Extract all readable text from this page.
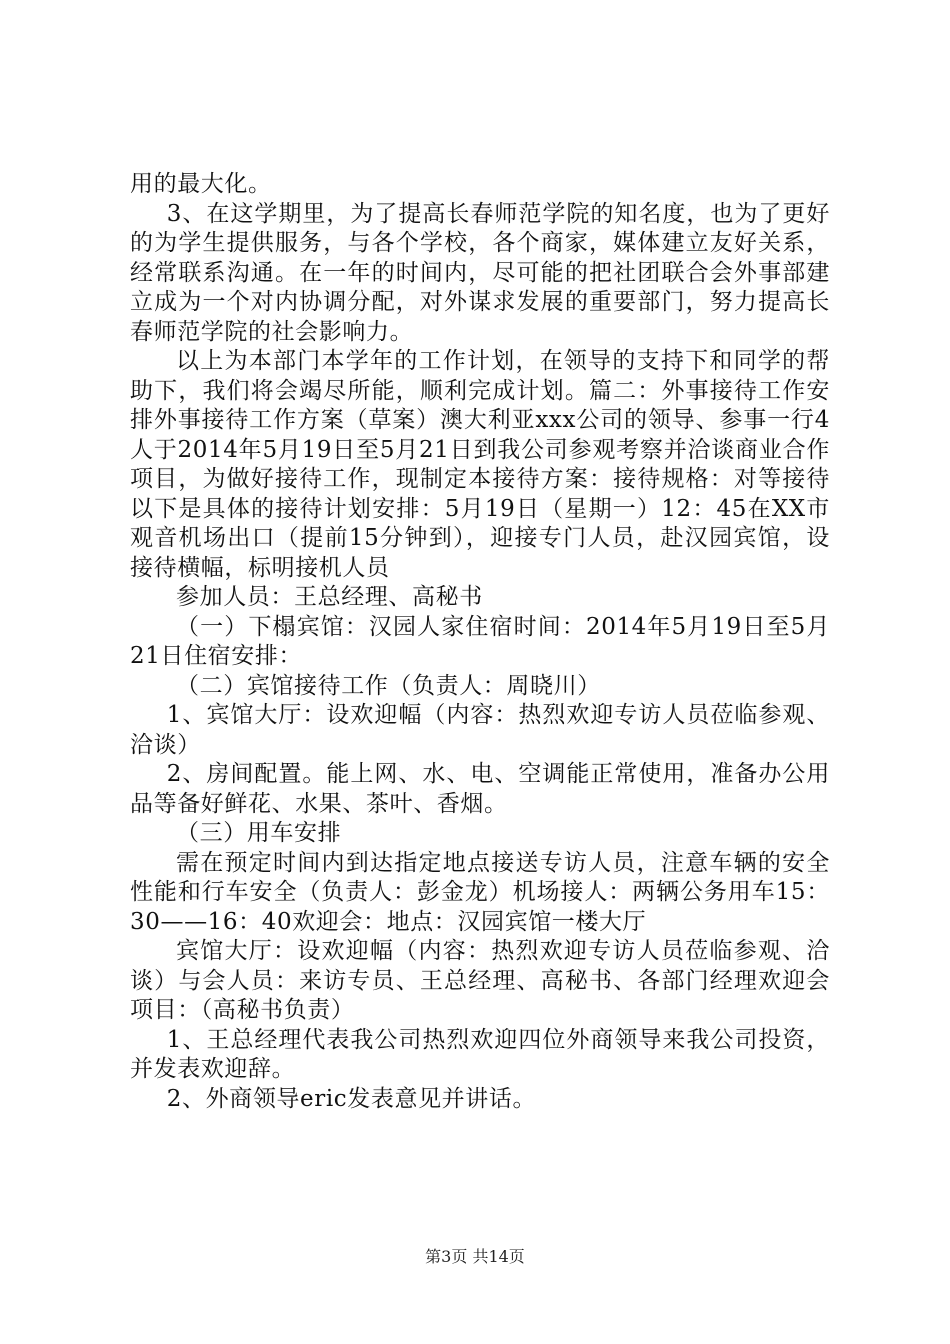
用的最大化。

3、在这学期里，为了提高长春师范学院的知名度，也为了更好的为学生提供服务，与各个学校，各个商家，媒体建立友好关系，经常联系沟通。在一年的时间内，尽可能的把社团联合会外事部建立成为一个对内协调分配，对外谋求发展的重要部门，努力提高长春师范学院的社会影响力。

以上为本部门本学年的工作计划，在领导的支持下和同学的帮助下，我们将会竭尽所能，顺利完成计划。篇二：外事接待工作安排外事接待工作方案（草案）澳大利亚xxx公司的领导、参事一行4人于2014年5月19日至5月21日到我公司参观考察并洽谈商业合作项目，为做好接待工作，现制定本接待方案：接待规格：对等接待以下是具体的接待计划安排：5月19日（星期一）12：45在XX市观音机场出口（提前15分钟到），迎接专门人员，赴汉园宾馆，设接待横幅，标明接机人员

参加人员：王总经理、高秘书

（一）下榻宾馆：汉园人家住宿时间：2014年5月19日至5月21日住宿安排：

（二）宾馆接待工作（负责人：周晓川）

1、宾馆大厅：设欢迎幅（内容：热烈欢迎专访人员莅临参观、洽谈）

2、房间配置。能上网、水、电、空调能正常使用，准备办公用品等备好鲜花、水果、茶叶、香烟。

（三）用车安排

需在预定时间内到达指定地点接送专访人员，注意车辆的安全性能和行车安全（负责人：彭金龙）机场接人：两辆公务用车15：30——16：40欢迎会：地点：汉园宾馆一楼大厅

宾馆大厅：设欢迎幅（内容：热烈欢迎专访人员莅临参观、洽谈）与会人员：来访专员、王总经理、高秘书、各部门经理欢迎会项目：（高秘书负责）

1、王总经理代表我公司热烈欢迎四位外商领导来我公司投资，并发表欢迎辞。

2、外商领导eric发表意见并讲话。

第3页 共14页
